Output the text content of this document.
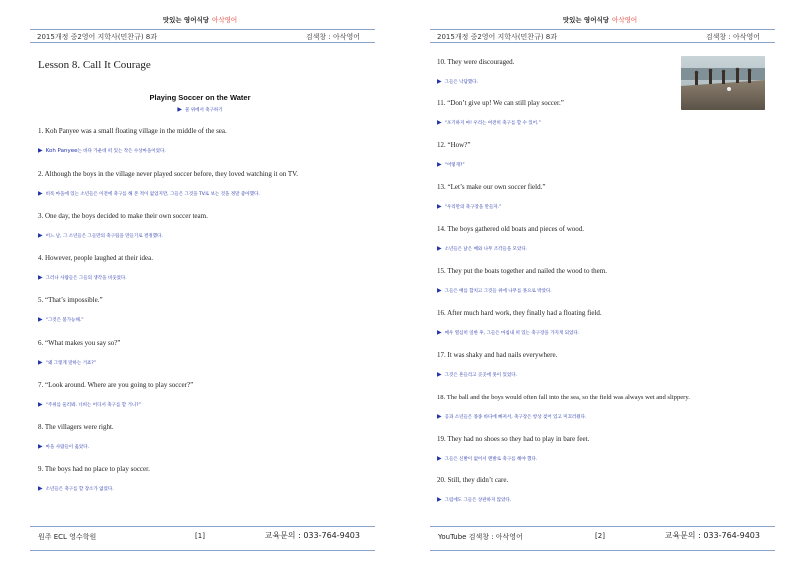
맛있는 영어식당 아삭영어
2015개정 중2영어 지학사(민찬규) 8과	검색창 : 아삭영어
Lesson 8. Call It Courage
Playing Soccer on the Water
▶ 물 위에서 축구하기
1. Koh Panyee was a small floating village in the middle of the sea.
▶ Koh Panyee는 바다 가운데 떠 있는 작은 수상마을이었다.
2. Although the boys in the village never played soccer before, they loved watching it on TV.
▶ 비록 마을에 있는 소년들은 이전에 축구를 해 본 적이 없었지만, 그들은 그것을 TV로 보는 것을 정말 좋아했다.
3. One day, the boys decided to make their own soccer team.
▶ 어느 날, 그 소년들은 그들만의 축구팀을 만들기로 결정했다.
4. However, people laughed at their idea.
▶ 그러나 사람들은 그들의 생각을 비웃었다.
5. “That’s impossible.”
▶ “그것은 불가능해.”
6. “What makes you say so?”
▶ “왜 그렇게 말하는 거죠?”
7. “Look around. Where are you going to play soccer?”
▶ “주위를 둘러봐. 너희는 어디서 축구를 할 거니?”
8. The villagers were right.
▶ 마을 사람들이 옳았다.
9. The boys had no place to play soccer.
▶ 소년들은 축구를 할 장소가 없었다.
원주 ECL 영수학원	[1]	교육문의 : 033-764-9403
맛있는 영어식당 아삭영어
2015개정 중2영어 지학사(민찬규) 8과	검색창 : 아삭영어
10. They were discouraged.
▶ 그들은 낙담했다.
11. “Don’t give up! We can still play soccer.”
▶ “포기하지 마! 우리는 여전히 축구를 할 수 있어.”
12. “How?”
▶ “어떻게?”
13. “Let’s make our own soccer field.”
▶ “우리만의 축구장을 만들자.”
14. The boys gathered old boats and pieces of wood.
▶ 소년들은 낡은 배와 나무 조각들을 모았다.
15. They put the boats together and nailed the wood to them.
▶ 그들은 배를 합치고 그것들 위에 나무를 못으로 박았다.
16. After much hard work, they finally had a floating field.
▶ 매우 열심히 일한 후, 그들은 마침내 떠 있는 축구장을 가지게 되었다.
17. It was shaky and had nails everywhere.
▶ 그것은 흔들리고 곳곳에 못이 있었다.
18. The ball and the boys would often fall into the sea, so the field was always wet and slippery.
▶ 공과 소년들은 종종 바다에 빠져서, 축구장은 항상 젖어 있고 미끄러웠다.
19. They had no shoes so they had to play in bare feet.
▶ 그들은 신발이 없어서 맨발로 축구를 해야 했다.
20. Still, they didn’t care.
▶ 그럼에도 그들은 상관하지 않았다.
YouTube 검색창 : 아삭영어	[2]	교육문의 : 033-764-9403
